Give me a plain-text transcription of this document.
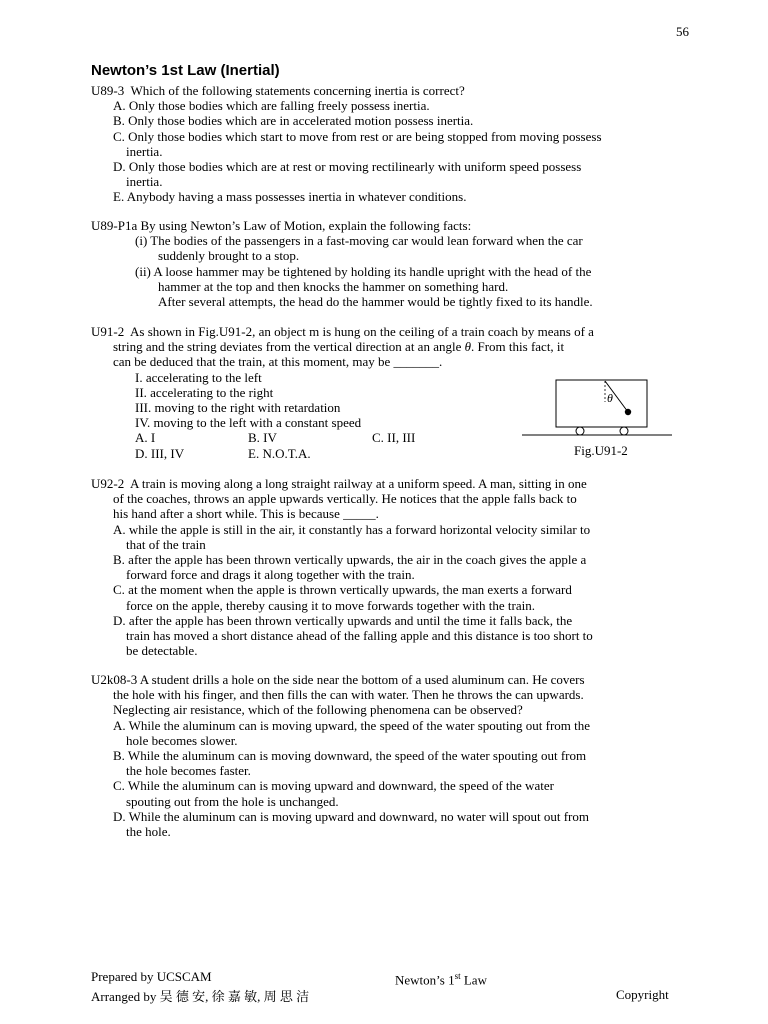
56
Newton’s 1st Law (Inertial)
U89-3 Which of the following statements concerning inertia is correct?
A. Only those bodies which are falling freely possess inertia.
B. Only those bodies which are in accelerated motion possess inertia.
C. Only those bodies which start to move from rest or are being stopped from moving possess
inertia.
D. Only those bodies which are at rest or moving rectilinearly with uniform speed possess
inertia.
E. Anybody having a mass possesses inertia in whatever conditions.
U89-P1a By using Newton’s Law of Motion, explain the following facts:
(i) The bodies of the passengers in a fast-moving car would lean forward when the car
suddenly brought to a stop.
(ii) A loose hammer may be tightened by holding its handle upright with the head of the
hammer at the top and then knocks the hammer on something hard.
After several attempts, the head do the hammer would be tightly fixed to its handle.
U91-2 As shown in Fig.U91-2, an object m is hung on the ceiling of a train coach by means of a
string and the string deviates from the vertical direction at an angle θ. From this fact, it
can be deduced that the train, at this moment, may be _______.
I. accelerating to the left
II. accelerating to the right
III. moving to the right with retardation
IV. moving to the left with a constant speed
A. I	B. IV	C. II, III
D. III, IV	E. N.O.T.A.
θ
Fig.U91-2
U92-2 A train is moving along a long straight railway at a uniform speed. A man, sitting in one
of the coaches, throws an apple upwards vertically. He notices that the apple falls back to
his hand after a short while. This is because _____.
A. while the apple is still in the air, it constantly has a forward horizontal velocity similar to
that of the train
B. after the apple has been thrown vertically upwards, the air in the coach gives the apple a
forward force and drags it along together with the train.
C. at the moment when the apple is thrown vertically upwards, the man exerts a forward
force on the apple, thereby causing it to move forwards together with the train.
D. after the apple has been thrown vertically upwards and until the time it falls back, the
train has moved a short distance ahead of the falling apple and this distance is too short to
be detectable.
U2k08-3 A student drills a hole on the side near the bottom of a used aluminum can. He covers
the hole with his finger, and then fills the can with water. Then he throws the can upwards.
Neglecting air resistance, which of the following phenomena can be observed?
A. While the aluminum can is moving upward, the speed of the water spouting out from the
hole becomes slower.
B. While the aluminum can is moving downward, the speed of the water spouting out from
the hole becomes faster.
C. While the aluminum can is moving upward and downward, the speed of the water
spouting out from the hole is unchanged.
D. While the aluminum can is moving upward and downward, no water will spout out from
the hole.
Prepared by UCSCAM
Arranged by 吴 德 安, 徐 嘉 敏, 周 思 洁
Newton’s 1st Law
Copyright
